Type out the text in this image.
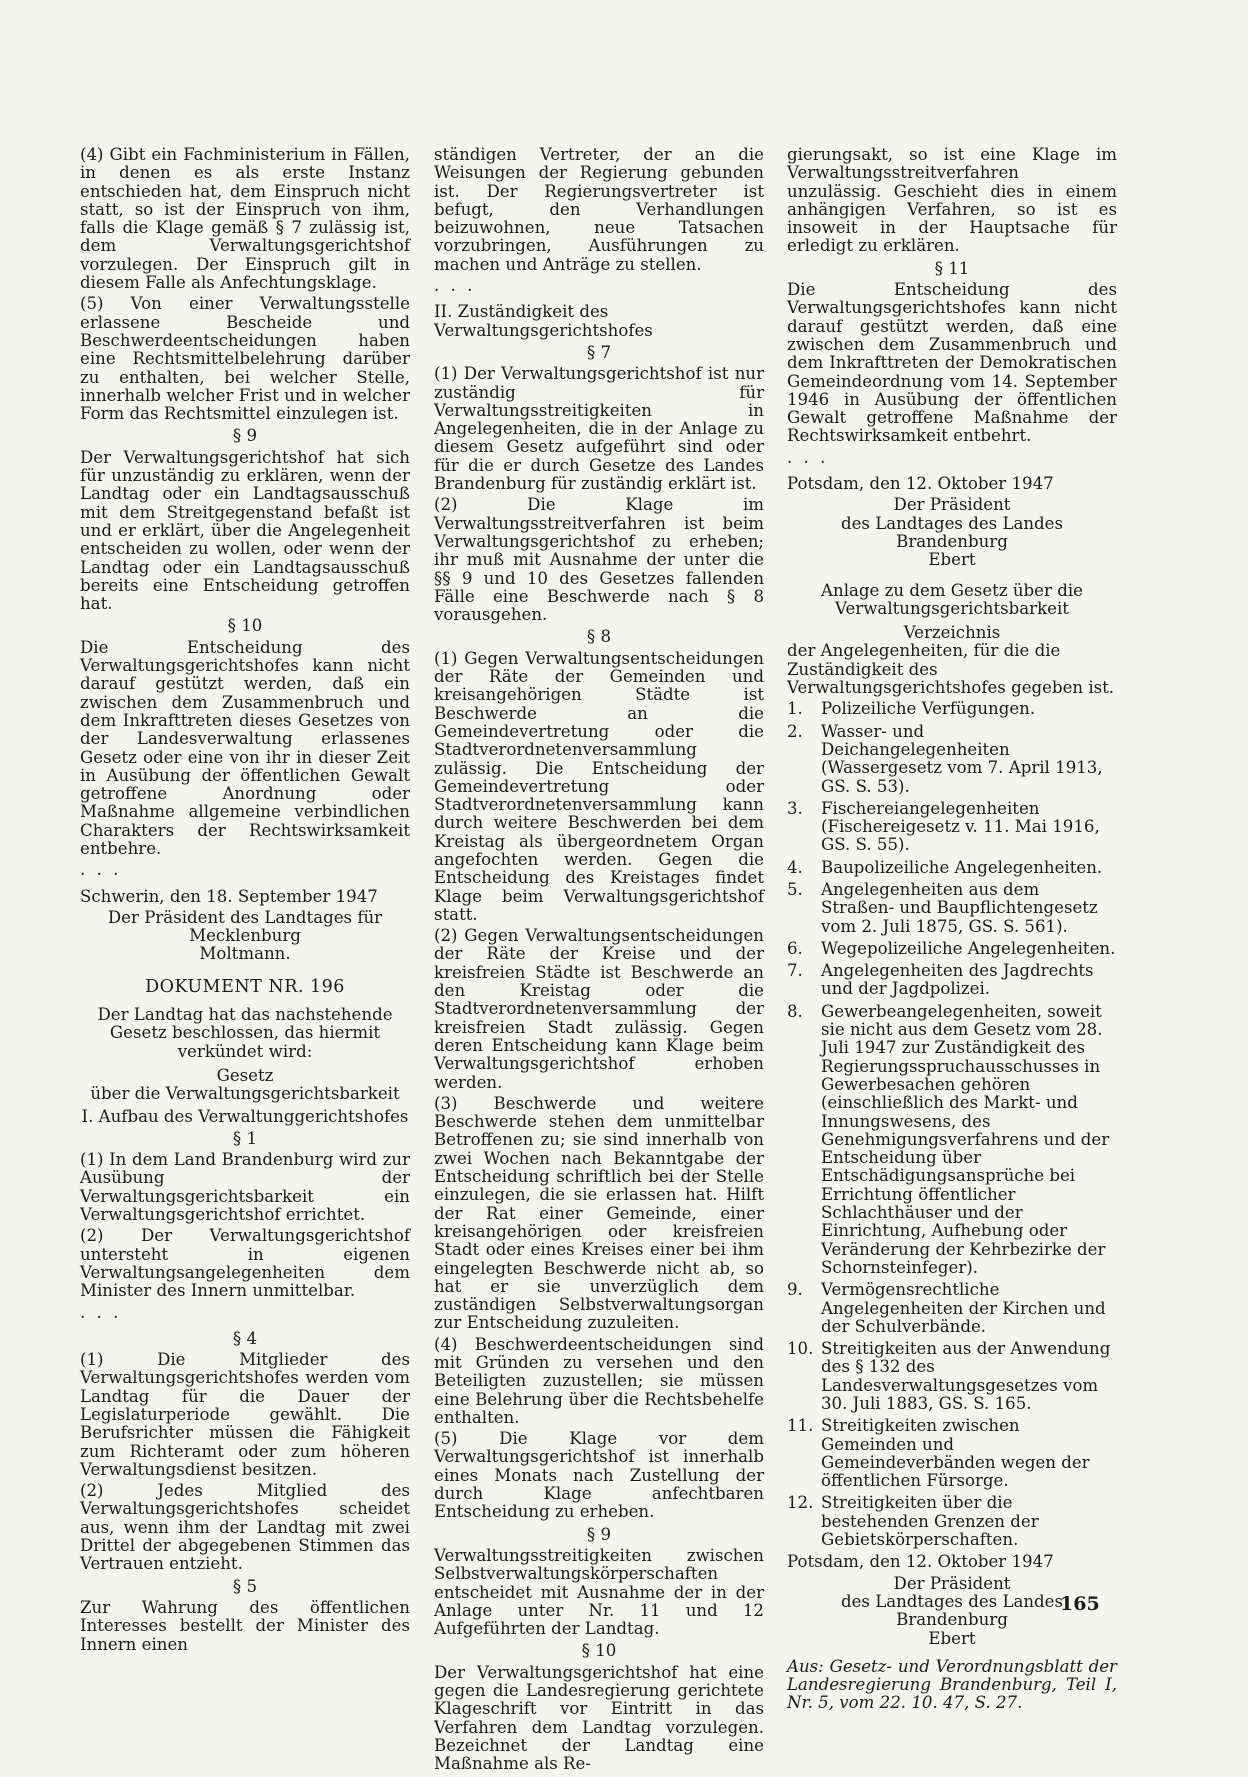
(4) Gibt ein Fachministerium in Fällen, in denen es als erste Instanz entschieden hat, dem Einspruch nicht statt, so ist der Einspruch von ihm, falls die Klage gemäß § 7 zulässig ist, dem Verwaltungsgerichtshof vorzulegen. Der Einspruch gilt in diesem Falle als Anfechtungsklage.

(5) Von einer Verwaltungsstelle erlassene Bescheide und Beschwerdeentscheidungen haben eine Rechtsmittelbelehrung darüber zu enthalten, bei welcher Stelle, innerhalb welcher Frist und in welcher Form das Rechtsmittel einzulegen ist.

§ 9

Der Verwaltungsgerichtshof hat sich für unzuständig zu erklären, wenn der Landtag oder ein Landtagsausschuß mit dem Streitgegenstand befaßt ist und er erklärt, über die Angelegenheit entscheiden zu wollen, oder wenn der Landtag oder ein Landtagsausschuß bereits eine Entscheidung getroffen hat.

§ 10

Die Entscheidung des Verwaltungsgerichtshofes kann nicht darauf gestützt werden, daß ein zwischen dem Zusammenbruch und dem Inkrafttreten dieses Gesetzes von der Landesverwaltung erlassenes Gesetz oder eine von ihr in dieser Zeit in Ausübung der öffentlichen Gewalt getroffene Anordnung oder Maßnahme allgemeine verbindlichen Charakters der Rechtswirksamkeit entbehre.

. . .

Schwerin, den 18. September 1947

Der Präsident des Landtages für

Mecklenburg

Moltmann.

DOKUMENT NR. 196

Der Landtag hat das nachstehende Gesetz beschlossen, das hiermit verkündet wird:

Gesetz

über die Verwaltungsgerichtsbarkeit

I. Aufbau des Verwaltunggerichtshofes

§ 1

(1) In dem Land Brandenburg wird zur Ausübung der Verwaltungsgerichtsbarkeit ein Verwaltungsgerichtshof errichtet.

(2) Der Verwaltungsgerichtshof untersteht in eigenen Verwaltungsangelegenheiten dem Minister des Innern unmittelbar.

. . .

§ 4

(1) Die Mitglieder des Verwaltungsgerichtshofes werden vom Landtag für die Dauer der Legislaturperiode gewählt. Die Berufsrichter müssen die Fähigkeit zum Richteramt oder zum höheren Verwaltungsdienst besitzen.

(2) Jedes Mitglied des Verwaltungsgerichtshofes scheidet aus, wenn ihm der Landtag mit zwei Drittel der abgegebenen Stimmen das Vertrauen entzieht.

§ 5

Zur Wahrung des öffentlichen Interesses bestellt der Minister des Innern einen

ständigen Vertreter, der an die Weisungen der Regierung gebunden ist. Der Regierungsvertreter ist befugt, den Verhandlungen beizuwohnen, neue Tatsachen vorzubringen, Ausführungen zu machen und Anträge zu stellen.

. . .

II. Zuständigkeit des Verwaltungsgerichtshofes

§ 7

(1) Der Verwaltungsgerichtshof ist nur zuständig für Verwaltungsstreitigkeiten in Angelegenheiten, die in der Anlage zu diesem Gesetz aufgeführt sind oder für die er durch Gesetze des Landes Brandenburg für zuständig erklärt ist.

(2) Die Klage im Verwaltungsstreitverfahren ist beim Verwaltungsgerichtshof zu erheben; ihr muß mit Ausnahme der unter die §§ 9 und 10 des Gesetzes fallenden Fälle eine Beschwerde nach § 8 vorausgehen.

§ 8

(1) Gegen Verwaltungsentscheidungen der Räte der Gemeinden und kreisangehörigen Städte ist Beschwerde an die Gemeindevertretung oder die Stadtverordnetenversammlung zulässig. Die Entscheidung der Gemeindevertretung oder Stadtverordnetenversammlung kann durch weitere Beschwerden bei dem Kreistag als übergeordnetem Organ angefochten werden. Gegen die Entscheidung des Kreistages findet Klage beim Verwaltungsgerichtshof statt.

(2) Gegen Verwaltungsentscheidungen der Räte der Kreise und der kreisfreien Städte ist Beschwerde an den Kreistag oder die Stadtverordnetenversammlung der kreisfreien Stadt zulässig. Gegen deren Entscheidung kann Klage beim Verwaltungsgerichtshof erhoben werden.

(3) Beschwerde und weitere Beschwerde stehen dem unmittelbar Betroffenen zu; sie sind innerhalb von zwei Wochen nach Bekanntgabe der Entscheidung schriftlich bei der Stelle einzulegen, die sie erlassen hat. Hilft der Rat einer Gemeinde, einer kreisangehörigen oder kreisfreien Stadt oder eines Kreises einer bei ihm eingelegten Beschwerde nicht ab, so hat er sie unverzüglich dem zuständigen Selbstverwaltungsorgan zur Entscheidung zuzuleiten.

(4) Beschwerdeentscheidungen sind mit Gründen zu versehen und den Beteiligten zuzustellen; sie müssen eine Belehrung über die Rechtsbehelfe enthalten.

(5) Die Klage vor dem Verwaltungsgerichtshof ist innerhalb eines Monats nach Zustellung der durch Klage anfechtbaren Entscheidung zu erheben.

§ 9

Verwaltungsstreitigkeiten zwischen Selbstverwaltungskörperschaften entscheidet mit Ausnahme der in der Anlage unter Nr. 11 und 12 Aufgeführten der Landtag.

§ 10

Der Verwaltungsgerichtshof hat eine gegen die Landesregierung gerichtete Klageschrift vor Eintritt in das Verfahren dem Landtag vorzulegen. Bezeichnet der Landtag eine Maßnahme als Re-

gierungsakt, so ist eine Klage im Verwaltungsstreitverfahren unzulässig. Geschieht dies in einem anhängigen Verfahren, so ist es insoweit in der Hauptsache für erledigt zu erklären.

§ 11

Die Entscheidung des Verwaltungsgerichtshofes kann nicht darauf gestützt werden, daß eine zwischen dem Zusammenbruch und dem Inkrafttreten der Demokratischen Gemeindeordnung vom 14. September 1946 in Ausübung der öffentlichen Gewalt getroffene Maßnahme der Rechtswirksamkeit entbehrt.

. . .

Potsdam, den 12. Oktober 1947

Der Präsident

des Landtages des Landes Brandenburg

Ebert

Anlage zu dem Gesetz über die

Verwaltungsgerichtsbarkeit

Verzeichnis

der Angelegenheiten, für die die Zuständigkeit des Verwaltungsgerichtshofes gegeben ist.

1.	Polizeiliche Verfügungen.
2.	Wasser- und Deichangelegenheiten (Wassergesetz vom 7. April 1913, GS. S. 53).
3.	Fischereiangelegenheiten (Fischereigesetz v. 11. Mai 1916, GS. S. 55).
4.	Baupolizeiliche Angelegenheiten.
5.	Angelegenheiten aus dem Straßen- und Baupflichtengesetz vom 2. Juli 1875, GS. S. 561).
6.	Wegepolizeiliche Angelegenheiten.
7.	Angelegenheiten des Jagdrechts und der Jagdpolizei.
8.	Gewerbeangelegenheiten, soweit sie nicht aus dem Gesetz vom 28. Juli 1947 zur Zuständigkeit des Regierungsspruchausschusses in Gewerbesachen gehören (einschließlich des Markt- und Innungswesens, des Genehmigungsverfahrens und der Entscheidung über Entschädigungsansprüche bei Errichtung öffentlicher Schlachthäuser und der Einrichtung, Aufhebung oder Veränderung der Kehrbezirke der Schornsteinfeger).
9.	Vermögensrechtliche Angelegenheiten der Kirchen und der Schulverbände.
10. Streitigkeiten aus der Anwendung des § 132 des Landesverwaltungsgesetzes vom 30. Juli 1883, GS. S. 165.
11. Streitigkeiten zwischen Gemeinden und Gemeindeverbänden wegen der öffentlichen Fürsorge.
12. Streitigkeiten über die bestehenden Grenzen der Gebietskörperschaften.

Potsdam, den 12. Oktober 1947

Der Präsident

des Landtages des Landes Brandenburg

Ebert

Aus: Gesetz- und Verordnungsblatt der Landesregierung Brandenburg, Teil I, Nr. 5, vom 22. 10. 47, S. 27.

165
